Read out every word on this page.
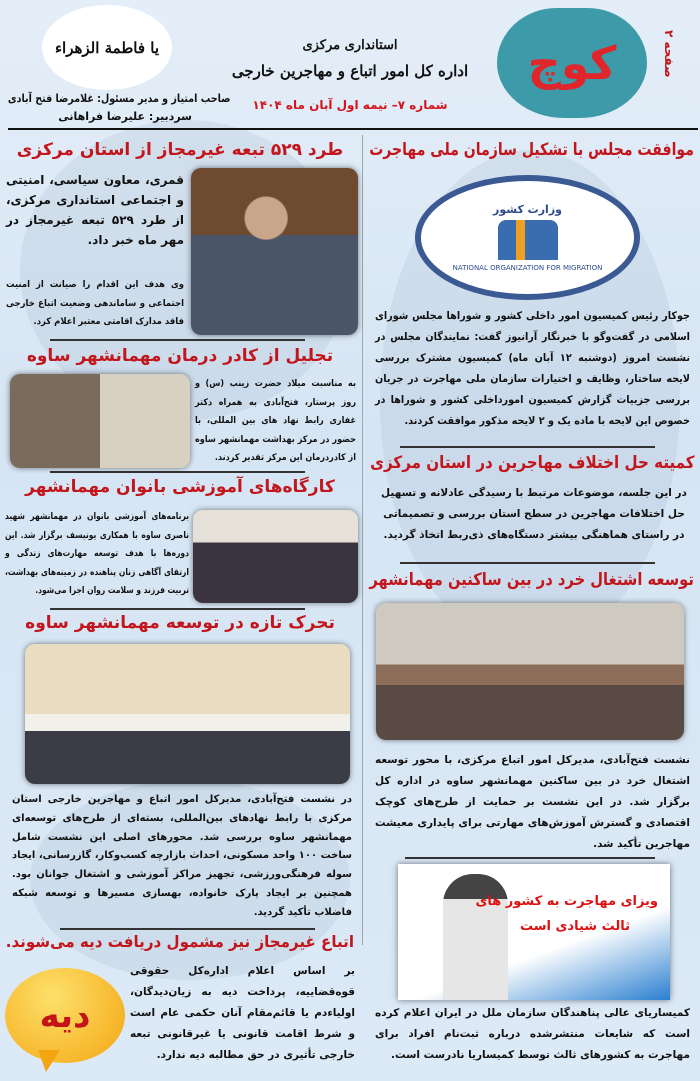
صفحه ۲
کوچ
استانداری مرکزی
اداره کل امور اتباع و مهاجرین خارجی
شماره ۷– نیمه اول آبان ماه ۱۴۰۴
یا فاطمة الزهراء
صاحب امتیاز و مدیر مسئول: غلامرضا فتح آبادی
سردبیر: علیرضا فراهانی
موافقت مجلس با تشکیل سازمان ملی مهاجرت
وزارت کشور
NATIONAL ORGANIZATION FOR MIGRATION
جوکار رئیس کمیسیون امور داخلی کشور و شوراها مجلس شورای اسلامی در گفت‌وگو با خبرنگار آرانیوز گفت: نمایندگان مجلس در نشست امروز (دوشنبه ۱۲ آبان ماه) کمیسیون مشترک بررسی لایحه ساختار، وظایف و اختیارات سازمان ملی مهاجرت در جریان بررسی جزییات گزارش کمیسیون امورداخلی کشور و شوراها در خصوص این لایحه با ماده یک و ۲ لایحه مذکور موافقت کردند.
کمیته حل اختلاف مهاجرین در استان مرکزی
در این جلسه، موضوعات مرتبط با رسیدگی عادلانه و تسهیل حل اختلافات مهاجرین در سطح استان بررسی و تصمیماتی در راستای هماهنگی بیشتر دستگاه‌های ذی‌ربط اتخاذ گردید.
توسعه اشتغال خرد در بین ساکنین مهمانشهر
نشست فتح‌آبادی، مدیرکل امور اتباع مرکزی، با محور توسعه اشتغال خرد در بین ساکنین مهمانشهر ساوه در اداره کل برگزار شد. در این نشست بر حمایت از طرح‌های کوچک اقتصادی و گسترش آموزش‌های مهارتی برای پایداری معیشت مهاجرین تأکید شد.
ویزای مهاجرت به کشور های
ثالث شیادی است
کمیساریای عالی پناهندگان سازمان ملل در ایران اعلام کرده است که شایعات منتشرشده درباره ثبت‌نام افراد برای مهاجرت به کشورهای ثالث توسط کمیساریا نادرست است.
طرد ۵۲۹ تبعه غیرمجاز از استان مرکزی
قمری، معاون سیاسی، امنیتی و اجتماعی استانداری مرکزی، از طرد ۵۲۹ تبعه غیرمجاز در مهر ماه خبر داد.
وی هدف این اقدام را صیانت از امنیت اجتماعی و ساماندهی وضعیت اتباع خارجی فاقد مدارک اقامتی معتبر اعلام کرد.
تجلیل از کادر درمان مهمانشهر ساوه
به مناسبت میلاد حضرت زینب (س) و روز پرستار، فتح‌آبادی به همراه دکتر غفاری رابط نهاد های بین المللی، با حضور در مرکز بهداشت مهمانشهر ساوه از کادردرمان این مرکز تقدیر کردند.
کارگاه‌های آموزشی بانوان مهمانشهر
برنامه‌های آموزشی بانوان در مهمانشهر شهید ناصری ساوه با همکاری یونیسف برگزار شد. این دوره‌ها با هدف توسعه مهارت‌های زندگی و ارتقای آگاهی زنان پناهنده در زمینه‌های بهداشت، تربیت فرزند و سلامت روان اجرا می‌شود.
تحرک تازه در توسعه مهمانشهر ساوه
در نشست فتح‌آبادی، مدیرکل امور اتباع و مهاجرین خارجی استان مرکزی با رابط نهادهای بین‌المللی، بسته‌ای از طرح‌های توسعه‌ای مهمانشهر ساوه بررسی شد. محورهای اصلی این نشست شامل ساخت ۱۰۰ واحد مسکونی، احداث بازارچه کسب‌وکار، گازرسانی، ایجاد سوله فرهنگی‌ورزشی، تجهیز مراکز آموزشی و اشتغال جوانان بود. همچنین بر ایجاد پارک خانواده، بهسازی مسیرها و توسعه شبکه فاضلاب تأکید گردید.
اتباع غیرمجاز نیز مشمول دریافت دیه می‌شوند.
دیه
بر اساس اعلام اداره‌کل حقوقی قوه‌قضاییه، پرداخت دیه به زیان‌دیدگان، اولیاءدم یا قائم‌مقام آنان حکمی عام است و شرط اقامت قانونی یا غیرقانونی تبعه خارجی تأثیری در حق مطالبه دیه ندارد.
